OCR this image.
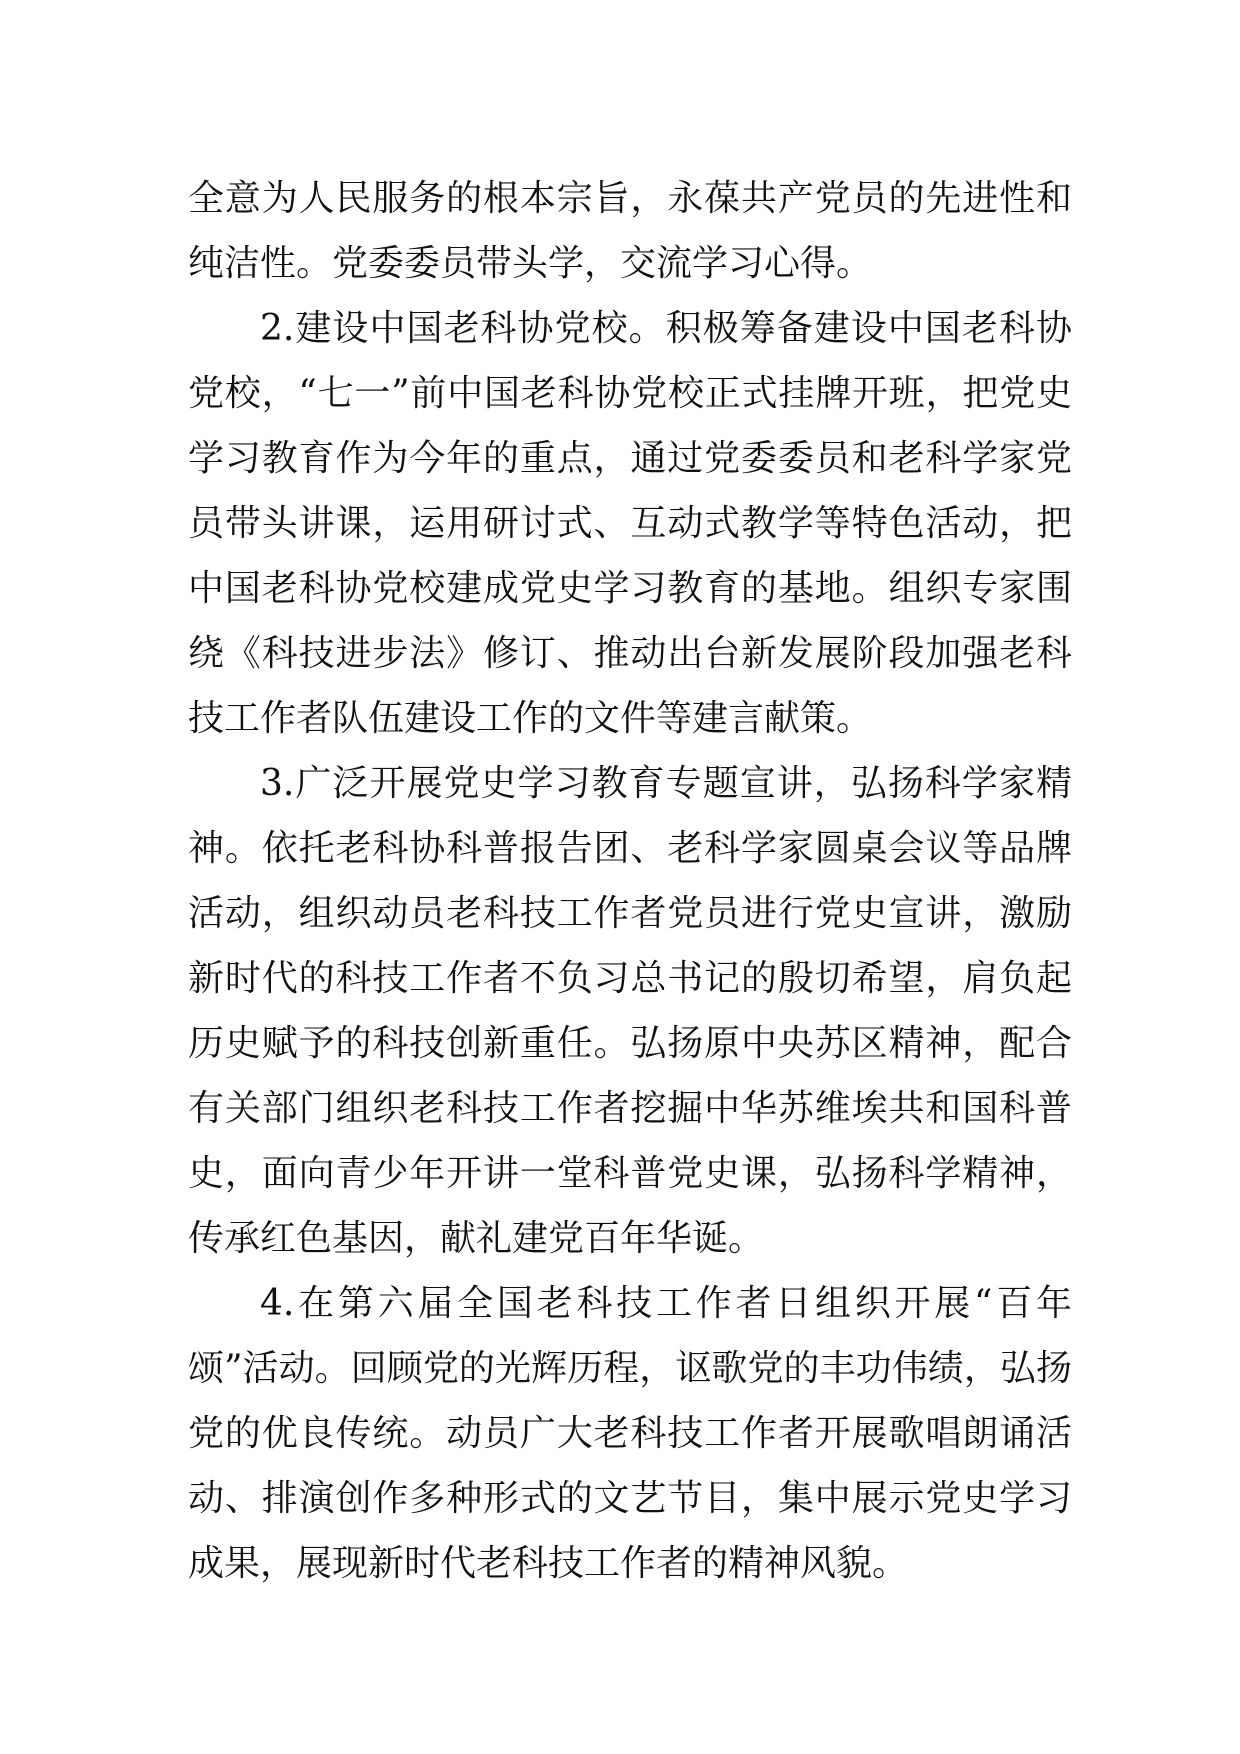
全意为人民服务的根本宗旨，永葆共产党员的先进性和纯洁性。党委委员带头学，交流学习心得。

2.建设中国老科协党校。积极筹备建设中国老科协党校，“七一”前中国老科协党校正式挂牌开班，把党史学习教育作为今年的重点，通过党委委员和老科学家党员带头讲课，运用研讨式、互动式教学等特色活动，把中国老科协党校建成党史学习教育的基地。组织专家围绕《科技进步法》修订、推动出台新发展阶段加强老科技工作者队伍建设工作的文件等建言献策。

3.广泛开展党史学习教育专题宣讲，弘扬科学家精神。依托老科协科普报告团、老科学家圆桌会议等品牌活动，组织动员老科技工作者党员进行党史宣讲，激励新时代的科技工作者不负习总书记的殷切希望，肩负起历史赋予的科技创新重任。弘扬原中央苏区精神，配合有关部门组织老科技工作者挖掘中华苏维埃共和国科普史，面向青少年开讲一堂科普党史课，弘扬科学精神，传承红色基因，献礼建党百年华诞。

4.在第六届全国老科技工作者日组织开展“百年颂”活动。回顾党的光辉历程，讴歌党的丰功伟绩，弘扬党的优良传统。动员广大老科技工作者开展歌唱朗诵活动、排演创作多种形式的文艺节目，集中展示党史学习成果，展现新时代老科技工作者的精神风貌。
